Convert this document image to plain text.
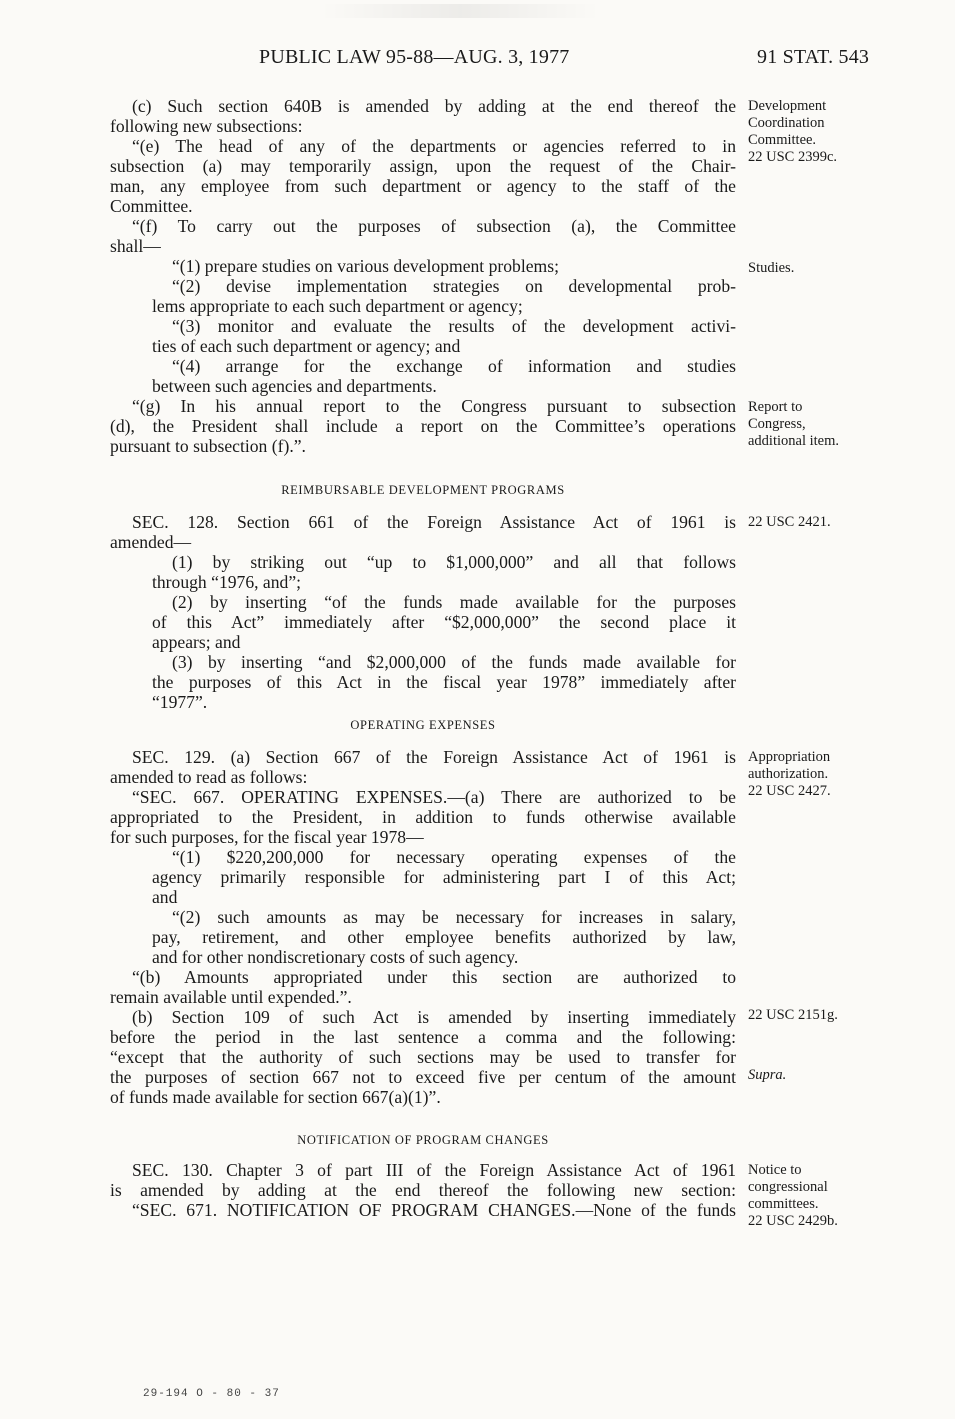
PUBLIC LAW 95-88—AUG. 3, 1977	91 STAT. 543
(c) Such section 640B is amended by adding at the end thereof the
following new subsections:
“(e) The head of any of the departments or agencies referred to in
subsection (a) may temporarily assign, upon the request of the Chair-
man, any employee from such department or agency to the staff of the
Committee.
“(f) To carry out the purposes of subsection (a), the Committee
shall—
“(1) prepare studies on various development problems;
“(2) devise implementation strategies on developmental prob-
lems appropriate to each such department or agency;
“(3) monitor and evaluate the results of the development activi-
ties of each such department or agency; and
“(4) arrange for the exchange of information and studies
between such agencies and departments.
“(g) In his annual report to the Congress pursuant to subsection
(d), the President shall include a report on the Committee’s operations
pursuant to subsection (f).”.
REIMBURSABLE DEVELOPMENT PROGRAMS
SEC. 128. Section 661 of the Foreign Assistance Act of 1961 is
amended—
(1) by striking out “up to $1,000,000” and all that follows
through “1976, and”;
(2) by inserting “of the funds made available for the purposes
of this Act” immediately after “$2,000,000” the second place it
appears; and
(3) by inserting “and $2,000,000 of the funds made available for
the purposes of this Act in the fiscal year 1978” immediately after
“1977”.
OPERATING EXPENSES
SEC. 129. (a) Section 667 of the Foreign Assistance Act of 1961 is
amended to read as follows:
“SEC. 667. OPERATING EXPENSES.—(a) There are authorized to be
appropriated to the President, in addition to funds otherwise available
for such purposes, for the fiscal year 1978—
“(1) $220,200,000 for necessary operating expenses of the
agency primarily responsible for administering part I of this Act;
and
“(2) such amounts as may be necessary for increases in salary,
pay, retirement, and other employee benefits authorized by law,
and for other nondiscretionary costs of such agency.
“(b) Amounts appropriated under this section are authorized to
remain available until expended.”.
(b) Section 109 of such Act is amended by inserting immediately
before the period in the last sentence a comma and the following:
“except that the authority of such sections may be used to transfer for
the purposes of section 667 not to exceed five per centum of the amount
of funds made available for section 667(a)(1)”.
NOTIFICATION OF PROGRAM CHANGES
SEC. 130. Chapter 3 of part III of the Foreign Assistance Act of 1961
is amended by adding at the end thereof the following new section:
“SEC. 671. NOTIFICATION OF PROGRAM CHANGES.—None of the funds
Development
Coordination
Committee.
22 USC 2399c.
Studies.
Report to
Congress,
additional item.
22 USC 2421.
Appropriation
authorization.
22 USC 2427.
22 USC 2151g.
Supra.
Notice to
congressional
committees.
22 USC 2429b.
29-194 O - 80 - 37
